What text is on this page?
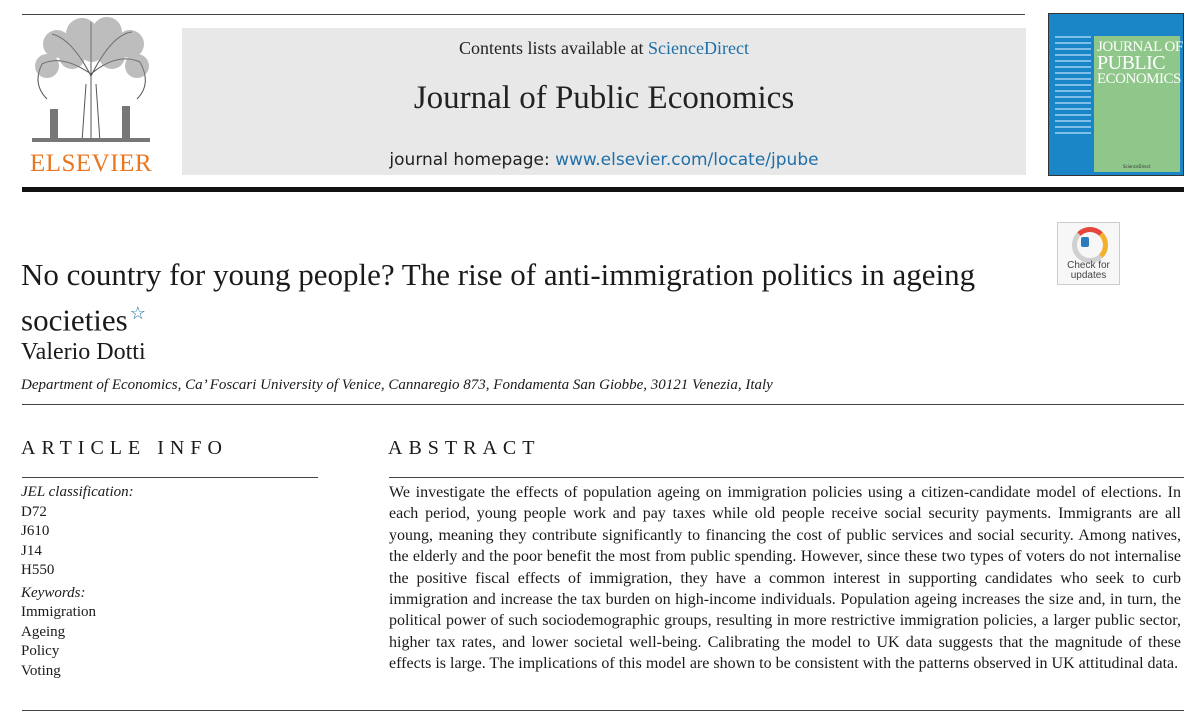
ELSEVIER
Contents lists available at ScienceDirect
Journal of Public Economics
journal homepage: www.elsevier.com/locate/jpube
JOURNAL OF
PUBLIC
ECONOMICS
ScienceDirect
Check for updates
No country for young people? The rise of anti-immigration politics in ageing societies ☆
Valerio Dotti
Department of Economics, Ca’ Foscari University of Venice, Cannaregio 873, Fondamenta San Giobbe, 30121 Venezia, Italy
ARTICLE INFO	ABSTRACT
JEL classification:
D72
J610
J14
H550
Keywords:
Immigration
Ageing
Policy
Voting

We investigate the effects of population ageing on immigration policies using a citizen-candidate model of elections. In each period, young people work and pay taxes while old people receive social security payments. Immigrants are all young, meaning they contribute significantly to financing the cost of public services and social security. Among natives, the elderly and the poor benefit the most from public spending. However, since these two types of voters do not internalise the positive fiscal effects of immigration, they have a common interest in supporting candidates who seek to curb immigration and increase the tax burden on high-income individuals. Population ageing increases the size and, in turn, the political power of such sociodemographic groups, resulting in more restrictive immigration policies, a larger public sector, higher tax rates, and lower societal well-being. Calibrating the model to UK data suggests that the magnitude of these effects is large. The implications of this model are shown to be consistent with the patterns observed in UK attitudinal data.
